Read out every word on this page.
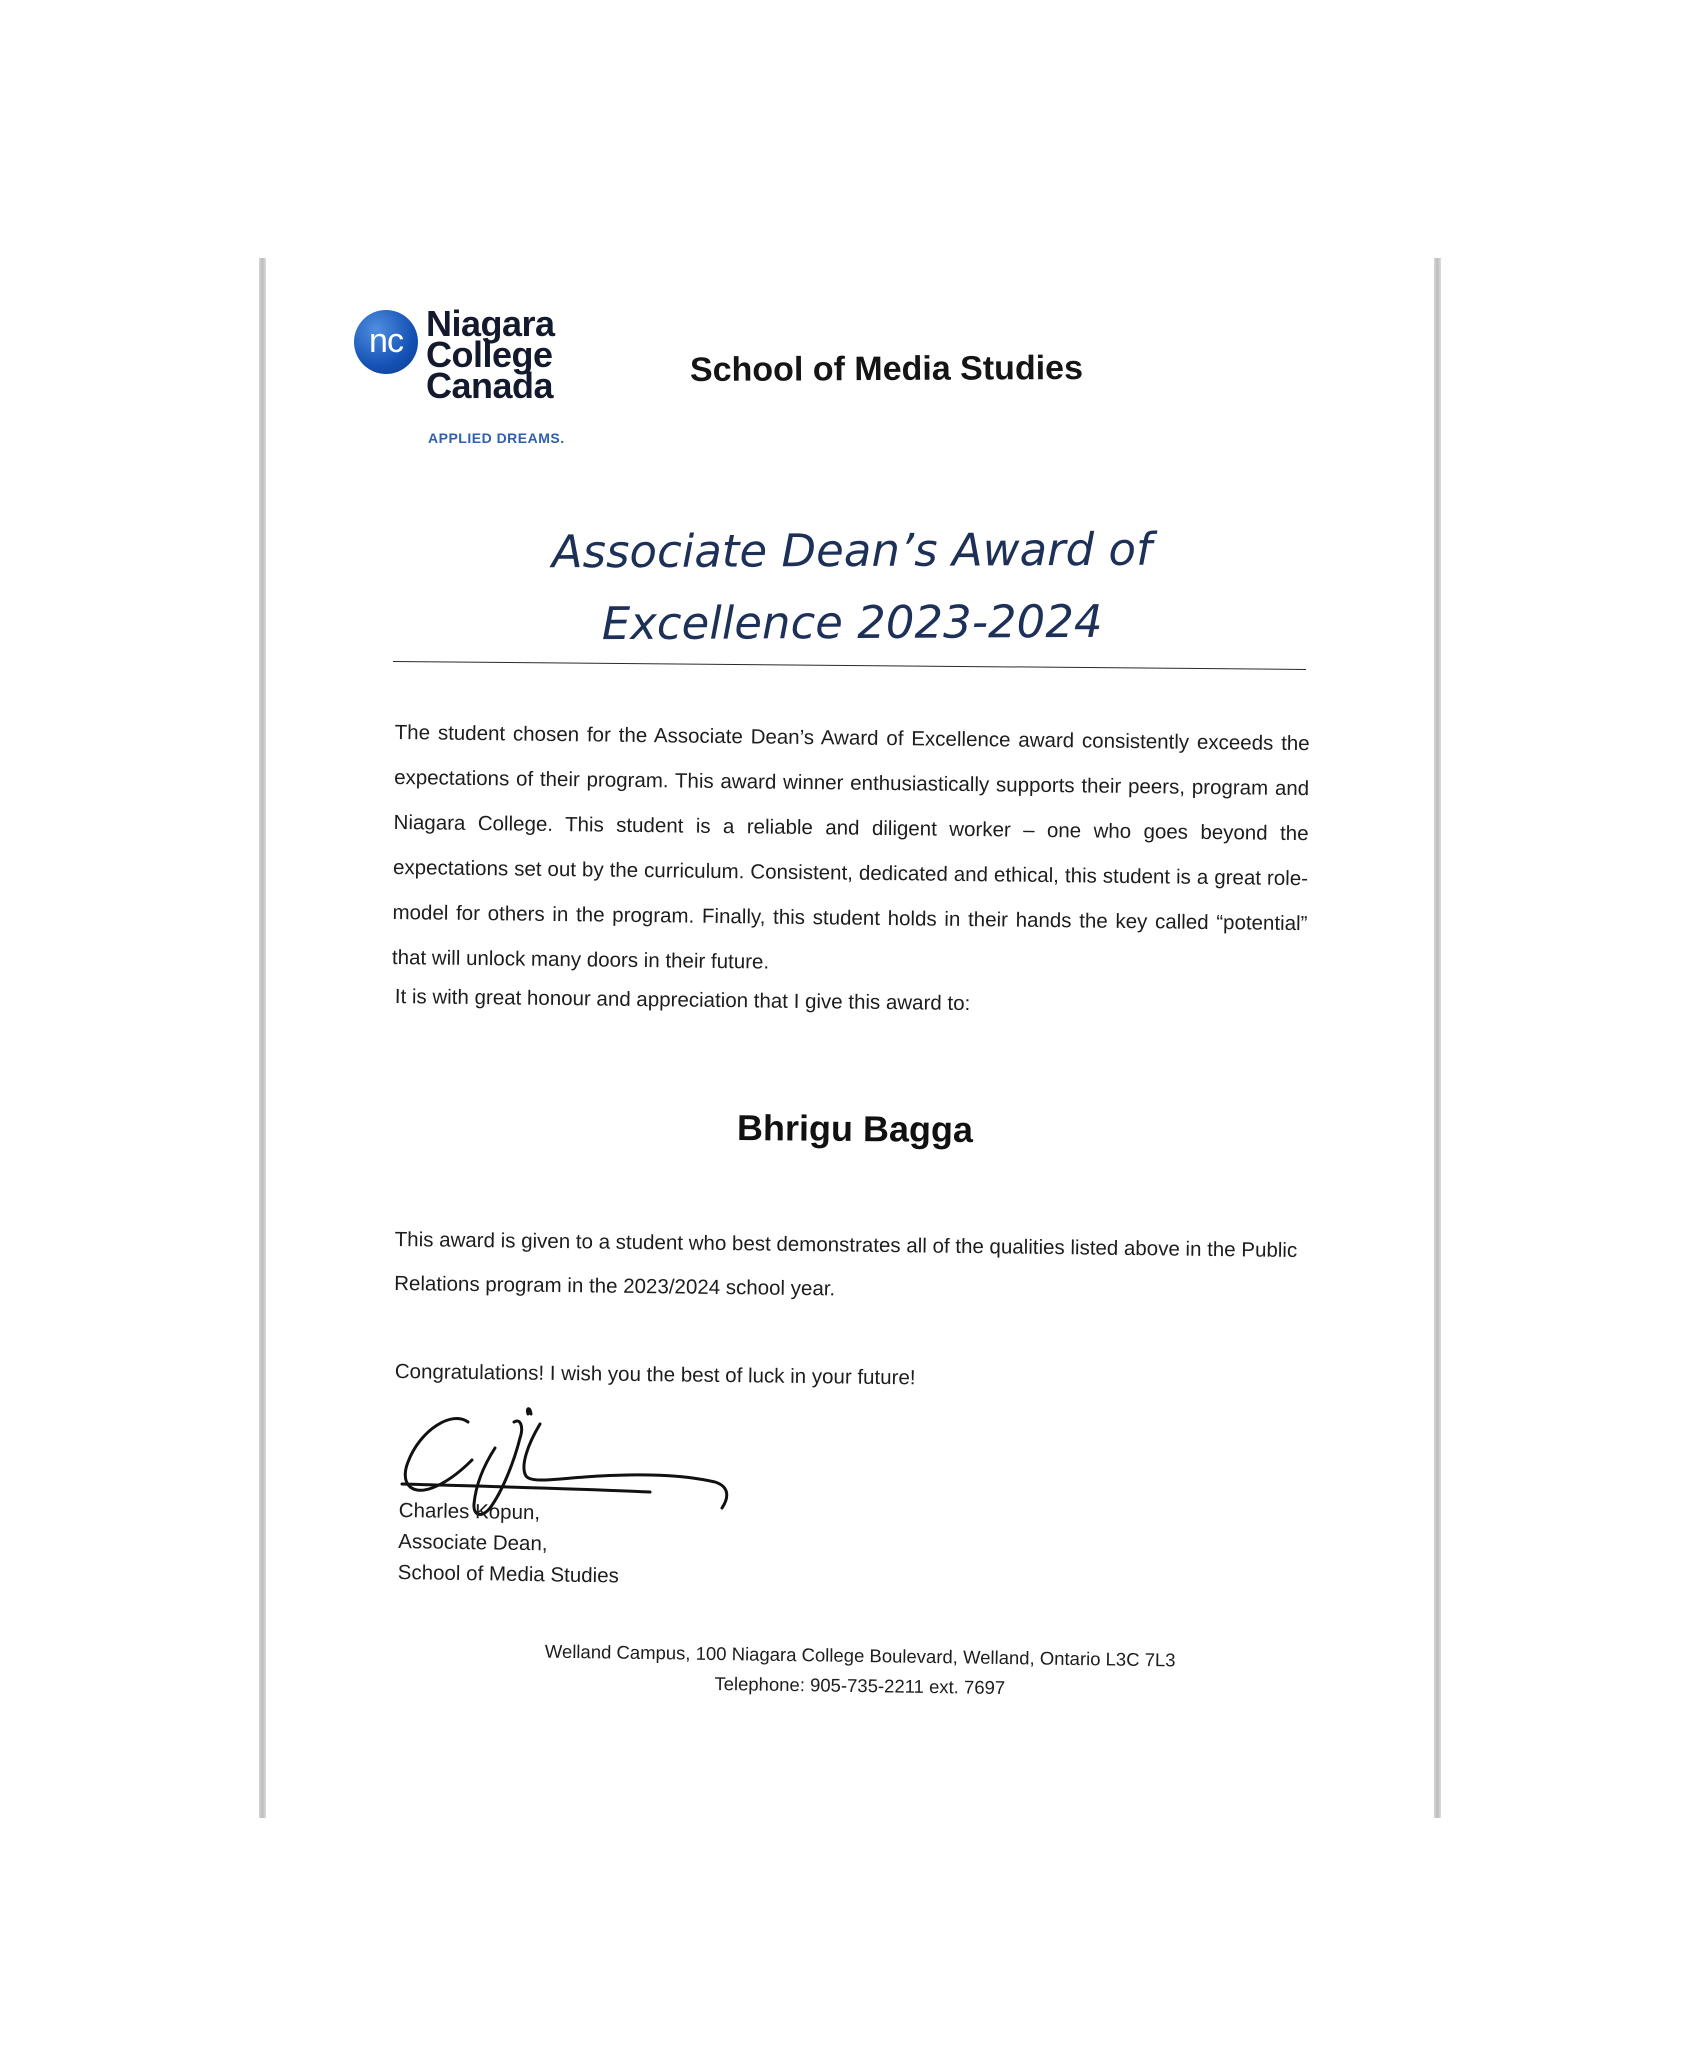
nc Niagara
College
Canada
APPLIED DREAMS.
School of Media Studies
Associate Dean’s Award of
Excellence 2023-2024
The student chosen for the Associate Dean’s Award of Excellence award consistently exceeds the expectations of their program. This award winner enthusiastically supports their peers, program and Niagara College. This student is a reliable and diligent worker – one who goes beyond the expectations set out by the curriculum. Consistent, dedicated and ethical, this student is a great role-model for others in the program. Finally, this student holds in their hands the key called “potential” that will unlock many doors in their future.
It is with great honour and appreciation that I give this award to:
Bhrigu Bagga
This award is given to a student who best demonstrates all of the qualities listed above in the Public Relations program in the 2023/2024 school year.
Congratulations! I wish you the best of luck in your future!
Charles Kopun,
Associate Dean,
School of Media Studies
Welland Campus, 100 Niagara College Boulevard, Welland, Ontario L3C 7L3
Telephone: 905-735-2211 ext. 7697
